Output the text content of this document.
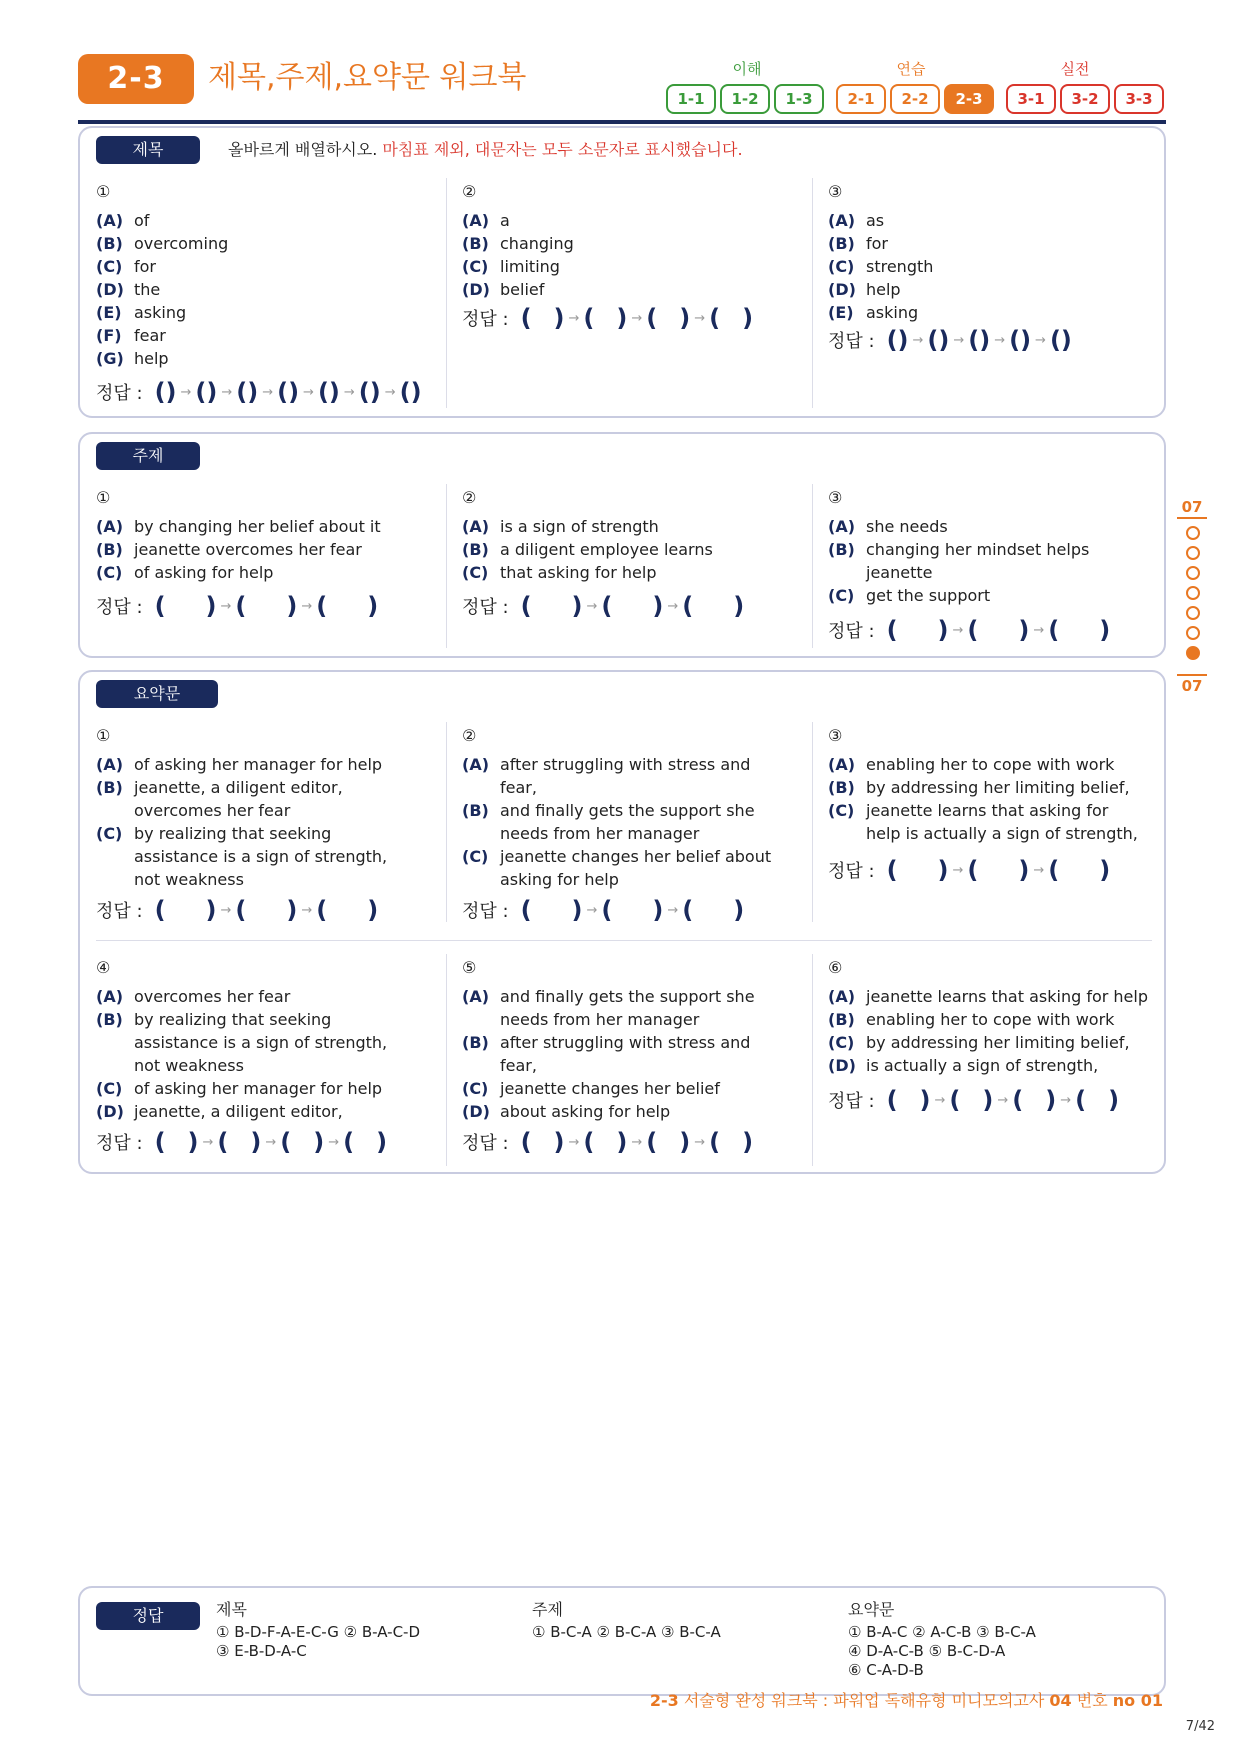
2-3	제목,주제,요약문 워크북	이해	연습	실전
1-1	1-2	1-3	2-1	2-2	2-3	3-1	3-2	3-3
제목	올바르게 배열하시오. 마침표 제외, 대문자는 모두 소문자로 표시했습니다.
①
(A) of
(B) overcoming
(C) for
(D) the
(E) asking
(F) fear
(G) help
정답 : () → () → () → () → () → () → ()
②
(A) a
(B) changing
(C) limiting
(D) belief
정답 : ( ) → ( ) → ( ) → ( )
③
(A) as
(B) for
(C) strength
(D) help
(E) asking
정답 : () → () → () → () → ()
주제
①
(A) by changing her belief about it
(B) jeanette overcomes her fear
(C) of asking for help
정답 : ( ) → ( ) → ( )
②
(A) is a sign of strength
(B) a diligent employee learns
(C) that asking for help
정답 : ( ) → ( ) → ( )
③
(A) she needs
(B) changing her mindset helps jeanette
(C) get the support
정답 : ( ) → ( ) → ( )
요약문
①
(A) of asking her manager for help
(B) jeanette, a diligent editor, overcomes her fear
(C) by realizing that seeking assistance is a sign of strength, not weakness
정답 : ( ) → ( ) → ( )
②
(A) after struggling with stress and fear,
(B) and finally gets the support she needs from her manager
(C) jeanette changes her belief about asking for help
정답 : ( ) → ( ) → ( )
③
(A) enabling her to cope with work
(B) by addressing her limiting belief,
(C) jeanette learns that asking for help is actually a sign of strength,
정답 : ( ) → ( ) → ( )
④
(A) overcomes her fear
(B) by realizing that seeking assistance is a sign of strength, not weakness
(C) of asking her manager for help
(D) jeanette, a diligent editor,
정답 : ( ) → ( ) → ( ) → ( )
⑤
(A) and finally gets the support she needs from her manager
(B) after struggling with stress and fear,
(C) jeanette changes her belief
(D) about asking for help
정답 : ( ) → ( ) → ( ) → ( )
⑥
(A) jeanette learns that asking for help
(B) enabling her to cope with work
(C) by addressing her limiting belief,
(D) is actually a sign of strength,
정답 : ( ) → ( ) → ( ) → ( )
07
07
정답	제목
① B-D-F-A-E-C-G ② B-A-C-D
③ E-B-D-A-C
주제
① B-C-A ② B-C-A ③ B-C-A
요약문
① B-A-C ② A-C-B ③ B-C-A
④ D-A-C-B ⑤ B-C-D-A
⑥ C-A-D-B
2-3 서술형 완성 워크북 : 파워업 독해유형 미니모의고사 04 번호 no 01
7/42
